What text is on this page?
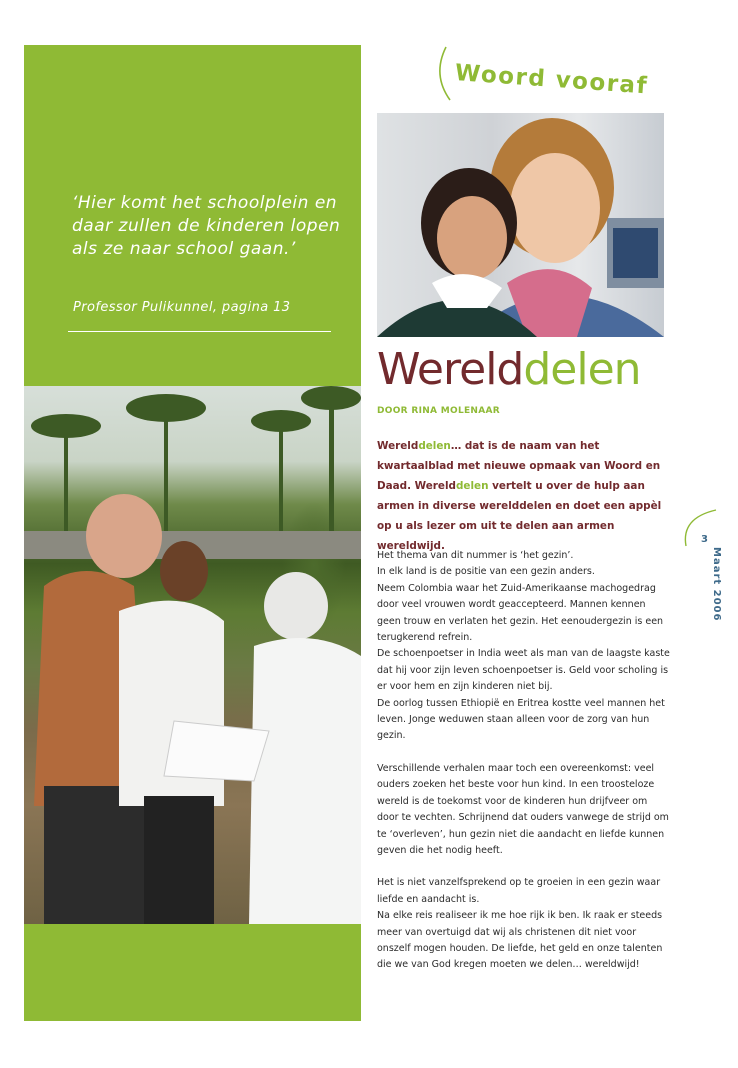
‘Hier komt het schoolplein en daar zullen de kinderen lopen als ze naar school gaan.’
Professor Pulikunnel, pagina 13
Woord vooraf
Werelddelen
DOOR RINA MOLENAAR
Werelddelen… dat is de naam van het kwartaalblad met nieuwe opmaak van Woord en Daad. Werelddelen vertelt u over de hulp aan armen in diverse werelddelen en doet een appèl op u als lezer om uit te delen aan armen wereldwijd.

Het thema van dit nummer is ‘het gezin’.

In elk land is de positie van een gezin anders.

Neem Colombia waar het Zuid-Amerikaanse machogedrag door veel vrouwen wordt geaccepteerd. Mannen kennen geen trouw en verlaten het gezin. Het eenoudergezin is een terugkerend refrein.

De schoenpoetser in India weet als man van de laagste kaste dat hij voor zijn leven schoenpoetser is. Geld voor scholing is er voor hem en zijn kinderen niet bij.

De oorlog tussen Ethiopië en Eritrea kostte veel mannen het leven. Jonge weduwen staan alleen voor de zorg van hun gezin.

Verschillende verhalen maar toch een overeenkomst: veel ouders zoeken het beste voor hun kind. In een troosteloze wereld is de toekomst voor de kinderen hun drijfveer om door te vechten. Schrijnend dat ouders vanwege de strijd om te ‘overleven’, hun gezin niet die aandacht en liefde kunnen geven die het nodig heeft.

Het is niet vanzelfsprekend op te groeien in een gezin waar liefde en aandacht is.

Na elke reis realiseer ik me hoe rijk ik ben. Ik raak er steeds meer van overtuigd dat wij als christenen dit niet voor onszelf mogen houden. De liefde, het geld en onze talenten die we van God kregen moeten we delen… wereldwijd!

3
Maart 2006
